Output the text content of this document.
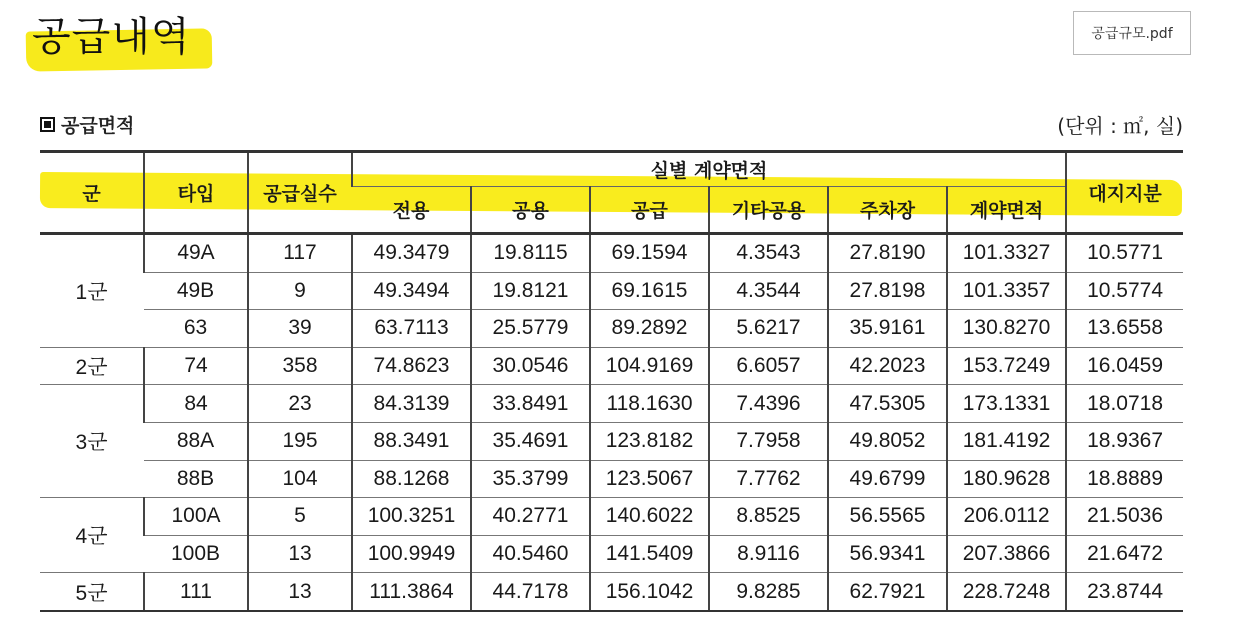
공급내역	공급규모.pdf
공급면적	(단위 : ㎡, 실)
군	타입	공급실수	실별 계약면적						대지지분
			전용	공용	공급	기타공용	주차장	계약면적	
1군	49A	117	49.3479	19.8115	69.1594	4.3543	27.8190	101.3327	10.5771
	49B	9	49.3494	19.8121	69.1615	4.3544	27.8198	101.3357	10.5774
	63	39	63.7113	25.5779	89.2892	5.6217	35.9161	130.8270	13.6558
2군	74	358	74.8623	30.0546	104.9169	6.6057	42.2023	153.7249	16.0459
3군	84	23	84.3139	33.8491	118.1630	7.4396	47.5305	173.1331	18.0718
	88A	195	88.3491	35.4691	123.8182	7.7958	49.8052	181.4192	18.9367
	88B	104	88.1268	35.3799	123.5067	7.7762	49.6799	180.9628	18.8889
4군	100A	5	100.3251	40.2771	140.6022	8.8525	56.5565	206.0112	21.5036
	100B	13	100.9949	40.5460	141.5409	8.9116	56.9341	207.3866	21.6472
5군	111	13	111.3864	44.7178	156.1042	9.8285	62.7921	228.7248	23.8744
